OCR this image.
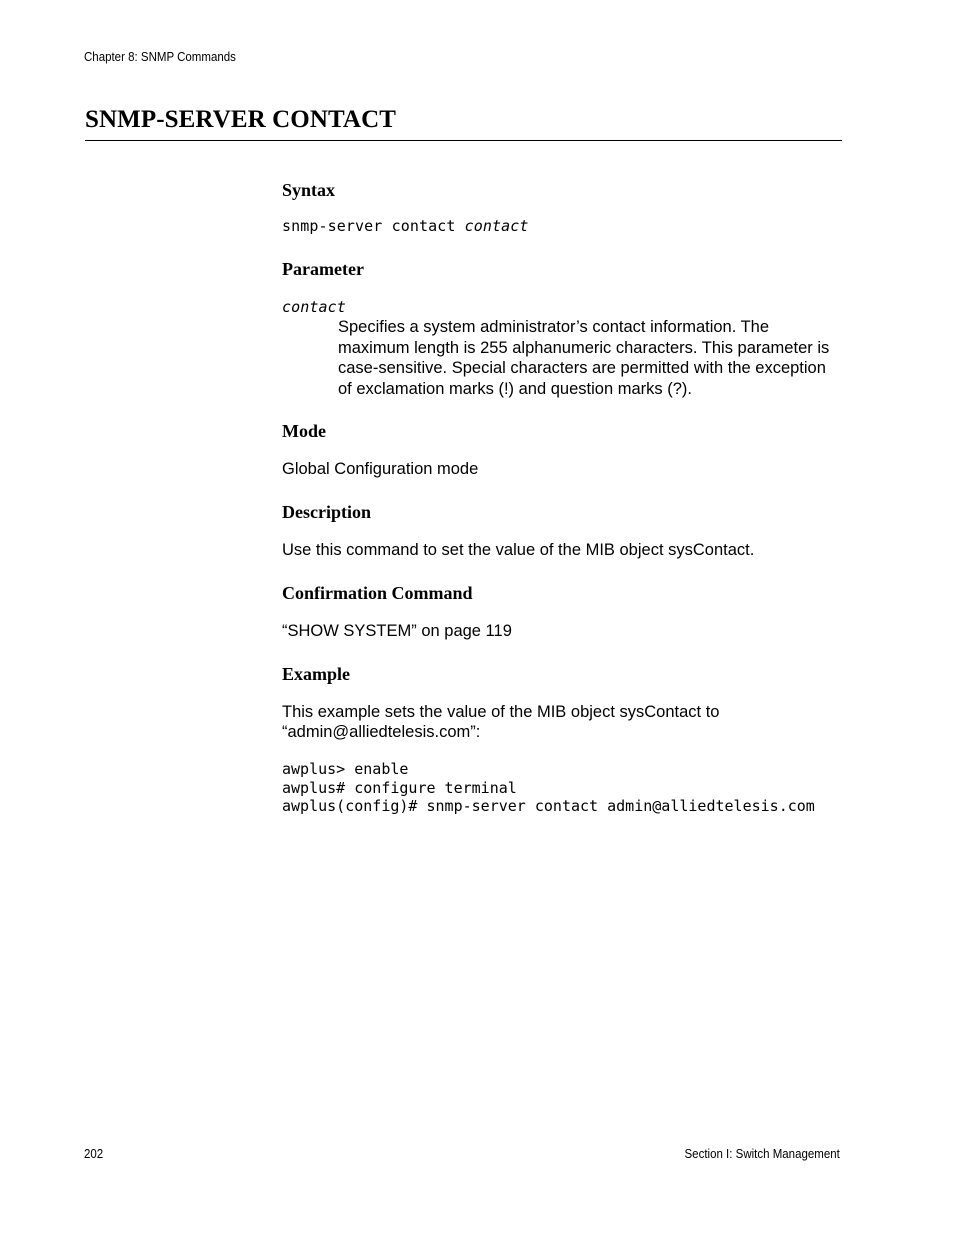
Chapter 8: SNMP Commands
SNMP-SERVER CONTACT
Syntax
snmp-server contact contact
Parameter
contact
Specifies a system administrator’s contact information. The maximum length is 255 alphanumeric characters. This parameter is case-sensitive. Special characters are permitted with the exception of exclamation marks (!) and question marks (?).
Mode
Global Configuration mode
Description
Use this command to set the value of the MIB object sysContact.
Confirmation Command
“SHOW SYSTEM” on page 119
Example
This example sets the value of the MIB object sysContact to “admin@alliedtelesis.com”:
awplus> enable
awplus# configure terminal
awplus(config)# snmp-server contact admin@alliedtelesis.com
202	Section I: Switch Management
